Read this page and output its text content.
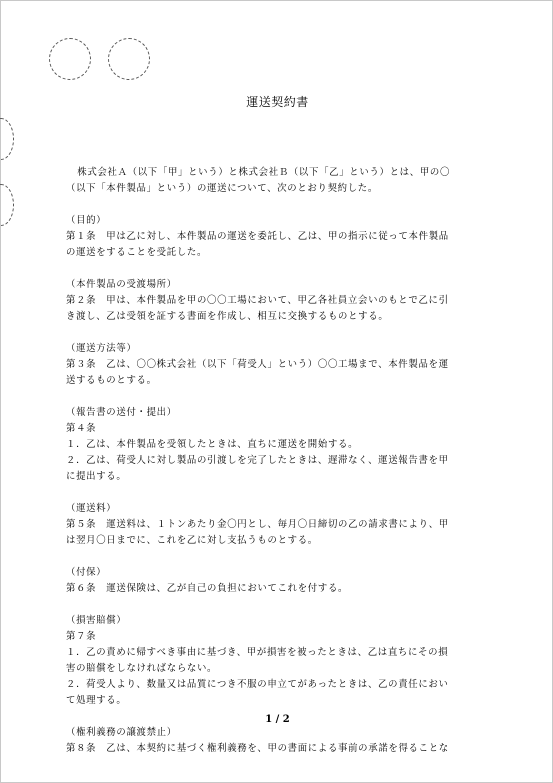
運送契約書

株式会社Ａ（以下「甲」という）と株式会社Ｂ（以下「乙」という）とは、甲の〇

（以下「本件製品」という）の運送について、次のとおり契約した。

（目的）

第１条　甲は乙に対し、本件製品の運送を委託し、乙は、甲の指示に従って本件製品

の運送をすることを受託した。

（本件製品の受渡場所）

第２条　甲は、本件製品を甲の〇〇工場において、甲乙各社員立会いのもとで乙に引

き渡し、乙は受領を証する書面を作成し、相互に交換するものとする。

（運送方法等）

第３条　乙は、〇〇株式会社（以下「荷受人」という）〇〇工場まで、本件製品を運

送するものとする。

（報告書の送付・提出）

第４条

１．乙は、本件製品を受領したときは、直ちに運送を開始する。

２．乙は、荷受人に対し製品の引渡しを完了したときは、遅滞なく、運送報告書を甲

に提出する。

（運送料）

第５条　運送料は、１トンあたり金〇円とし、毎月〇日締切の乙の請求書により、甲

は翌月〇日までに、これを乙に対し支払うものとする。

（付保）

第６条　運送保険は、乙が自己の負担においてこれを付する。

（損害賠償）

第７条

１．乙の責めに帰すべき事由に基づき、甲が損害を被ったときは、乙は直ちにその損

害の賠償をしなければならない。

２．荷受人より、数量又は品質につき不服の申立てがあったときは、乙の責任におい

て処理する。

（権利義務の譲渡禁止）

第８条　乙は、本契約に基づく権利義務を、甲の書面による事前の承諾を得ることな

1 / 2
